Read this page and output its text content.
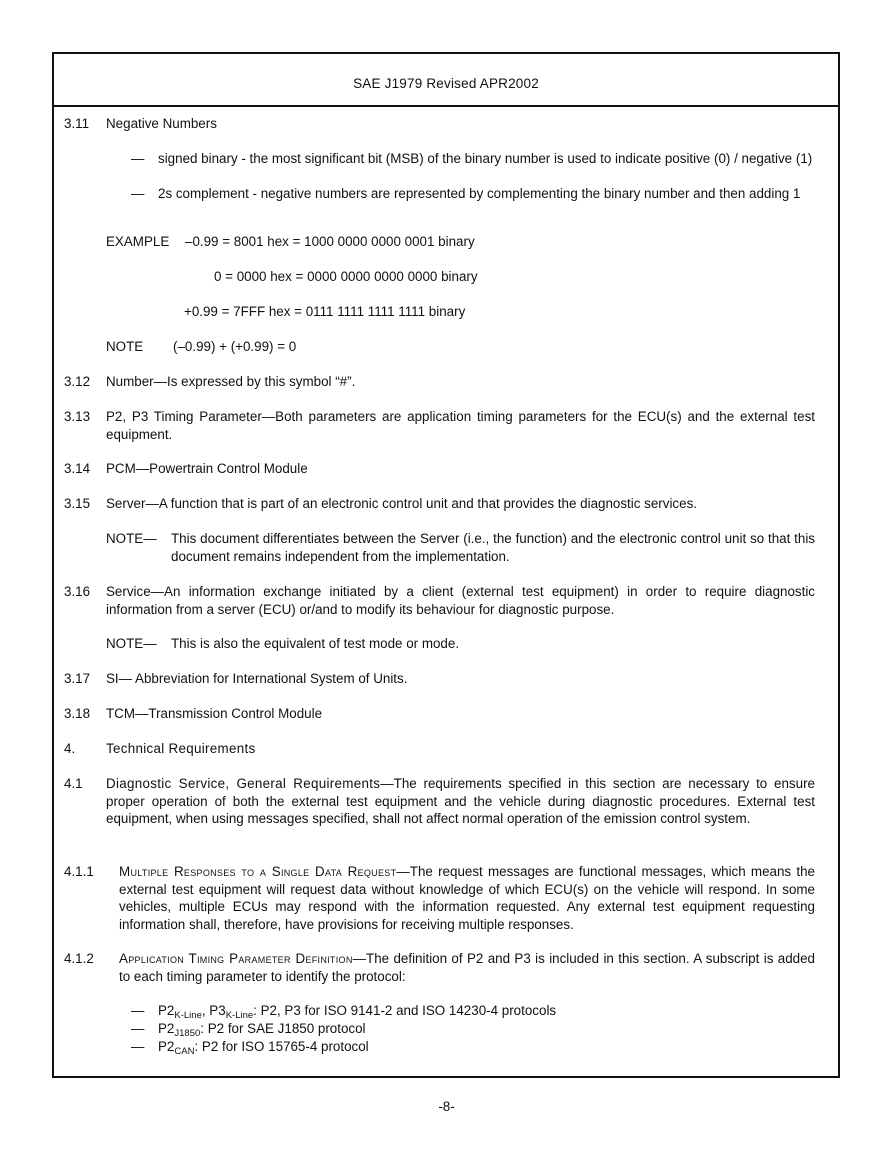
SAE J1979 Revised APR2002
3.11 Negative Numbers
— signed binary - the most significant bit (MSB) of the binary number is used to indicate positive (0) / negative (1)
— 2s complement - negative numbers are represented by complementing the binary number and then adding 1
EXAMPLE –0.99 = 8001 hex = 1000 0000 0000 0001 binary
0 = 0000 hex = 0000 0000 0000 0000 binary
+0.99 = 7FFF hex = 0111 1111 1111 1111 binary
NOTE (–0.99) + (+0.99) = 0
3.12 Number—Is expressed by this symbol “#”.
3.13 P2, P3 Timing Parameter—Both parameters are application timing parameters for the ECU(s) and the external test equipment.
3.14 PCM—Powertrain Control Module
3.15 Server—A function that is part of an electronic control unit and that provides the diagnostic services.
NOTE— This document differentiates between the Server (i.e., the function) and the electronic control unit so that this document remains independent from the implementation.
3.16 Service—An information exchange initiated by a client (external test equipment) in order to require diagnostic information from a server (ECU) or/and to modify its behaviour for diagnostic purpose.
NOTE— This is also the equivalent of test mode or mode.
3.17 SI— Abbreviation for International System of Units.
3.18 TCM—Transmission Control Module
4. Technical Requirements
4.1 Diagnostic Service, General Requirements—The requirements specified in this section are necessary to ensure proper operation of both the external test equipment and the vehicle during diagnostic procedures. External test equipment, when using messages specified, shall not affect normal operation of the emission control system.
4.1.1 Multiple Responses to a Single Data Request—The request messages are functional messages, which means the external test equipment will request data without knowledge of which ECU(s) on the vehicle will respond. In some vehicles, multiple ECUs may respond with the information requested. Any external test equipment requesting information shall, therefore, have provisions for receiving multiple responses.
4.1.2 Application Timing Parameter Definition—The definition of P2 and P3 is included in this section. A subscript is added to each timing parameter to identify the protocol:
— $P2_{K-Line}$, $P3_{K-Line}$: P2, P3 for ISO 9141-2 and ISO 14230-4 protocols
— $P2_{J1850}$: P2 for SAE J1850 protocol
— $P2_{CAN}$: P2 for ISO 15765-4 protocol
-8-
